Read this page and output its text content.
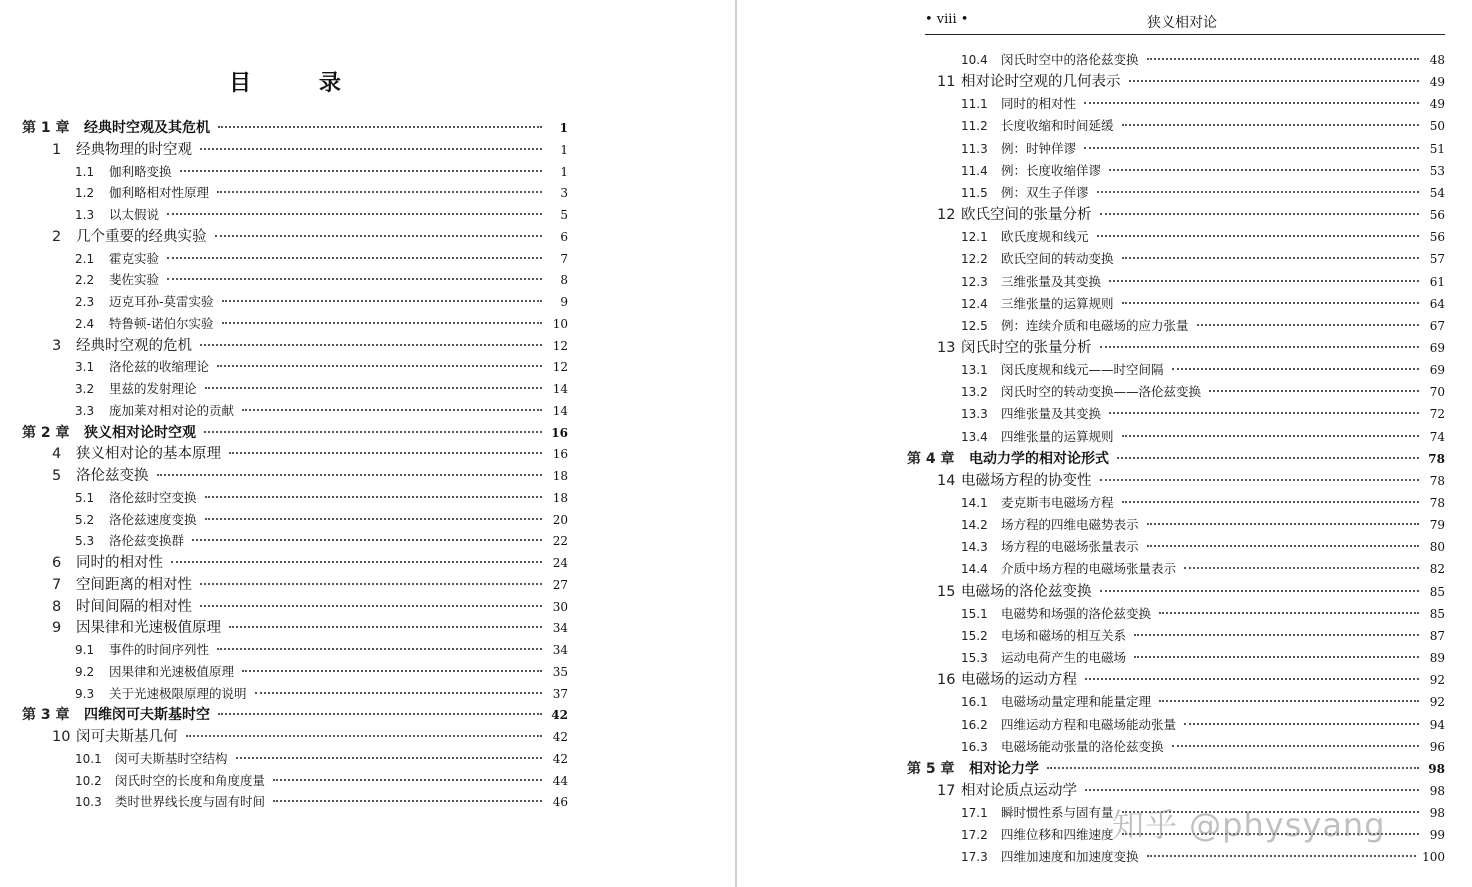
目 录
第 1 章	经典时空观及其危机	1
1	经典物理的时空观	1
1.1	伽利略变换	1
1.2	伽利略相对性原理	3
1.3	以太假说	5
2	几个重要的经典实验	6
2.1	霍克实验	7
2.2	斐佐实验	8
2.3	迈克耳孙-莫雷实验	9
2.4	特鲁顿-诺伯尔实验	10
3	经典时空观的危机	12
3.1	洛伦兹的收缩理论	12
3.2	里兹的发射理论	14
3.3	庞加莱对相对论的贡献	14
第 2 章	狭义相对论时空观	16
4	狭义相对论的基本原理	16
5	洛伦兹变换	18
5.1	洛伦兹时空变换	18
5.2	洛伦兹速度变换	20
5.3	洛伦兹变换群	22
6	同时的相对性	24
7	空间距离的相对性	27
8	时间间隔的相对性	30
9	因果律和光速极值原理	34
9.1	事件的时间序列性	34
9.2	因果律和光速极值原理	35
9.3	关于光速极限原理的说明	37
第 3 章	四维闵可夫斯基时空	42
10 闵可夫斯基几何	42
10.1	闵可夫斯基时空结构	42
10.2	闵氏时空的长度和角度度量	44
10.3	类时世界线长度与固有时间	46
• viii •	狭义相对论
10.4	闵氏时空中的洛伦兹变换	48
11 相对论时空观的几何表示	49
11.1	同时的相对性	49
11.2	长度收缩和时间延缓	50
11.3	例：时钟佯谬	51
11.4	例：长度收缩佯谬	53
11.5	例：双生子佯谬	54
12 欧氏空间的张量分析	56
12.1	欧氏度规和线元	56
12.2	欧氏空间的转动变换	57
12.3	三维张量及其变换	61
12.4	三维张量的运算规则	64
12.5	例：连续介质和电磁场的应力张量	67
13 闵氏时空的张量分析	69
13.1	闵氏度规和线元——时空间隔	69
13.2	闵氏时空的转动变换——洛伦兹变换	70
13.3	四维张量及其变换	72
13.4	四维张量的运算规则	74
第 4 章	电动力学的相对论形式	78
14 电磁场方程的协变性	78
14.1	麦克斯韦电磁场方程	78
14.2	场方程的四维电磁势表示	79
14.3	场方程的电磁场张量表示	80
14.4	介质中场方程的电磁场张量表示	82
15 电磁场的洛伦兹变换	85
15.1	电磁势和场强的洛伦兹变换	85
15.2	电场和磁场的相互关系	87
15.3	运动电荷产生的电磁场	89
16 电磁场的运动方程	92
16.1	电磁场动量定理和能量定理	92
16.2	四维运动方程和电磁场能动张量	94
16.3	电磁场能动张量的洛伦兹变换	96
第 5 章	相对论力学	98
17 相对论质点运动学	98
17.1	瞬时惯性系与固有量	98
17.2	四维位移和四维速度	99
17.3	四维加速度和加速度变换	100
知乎 @physyang
